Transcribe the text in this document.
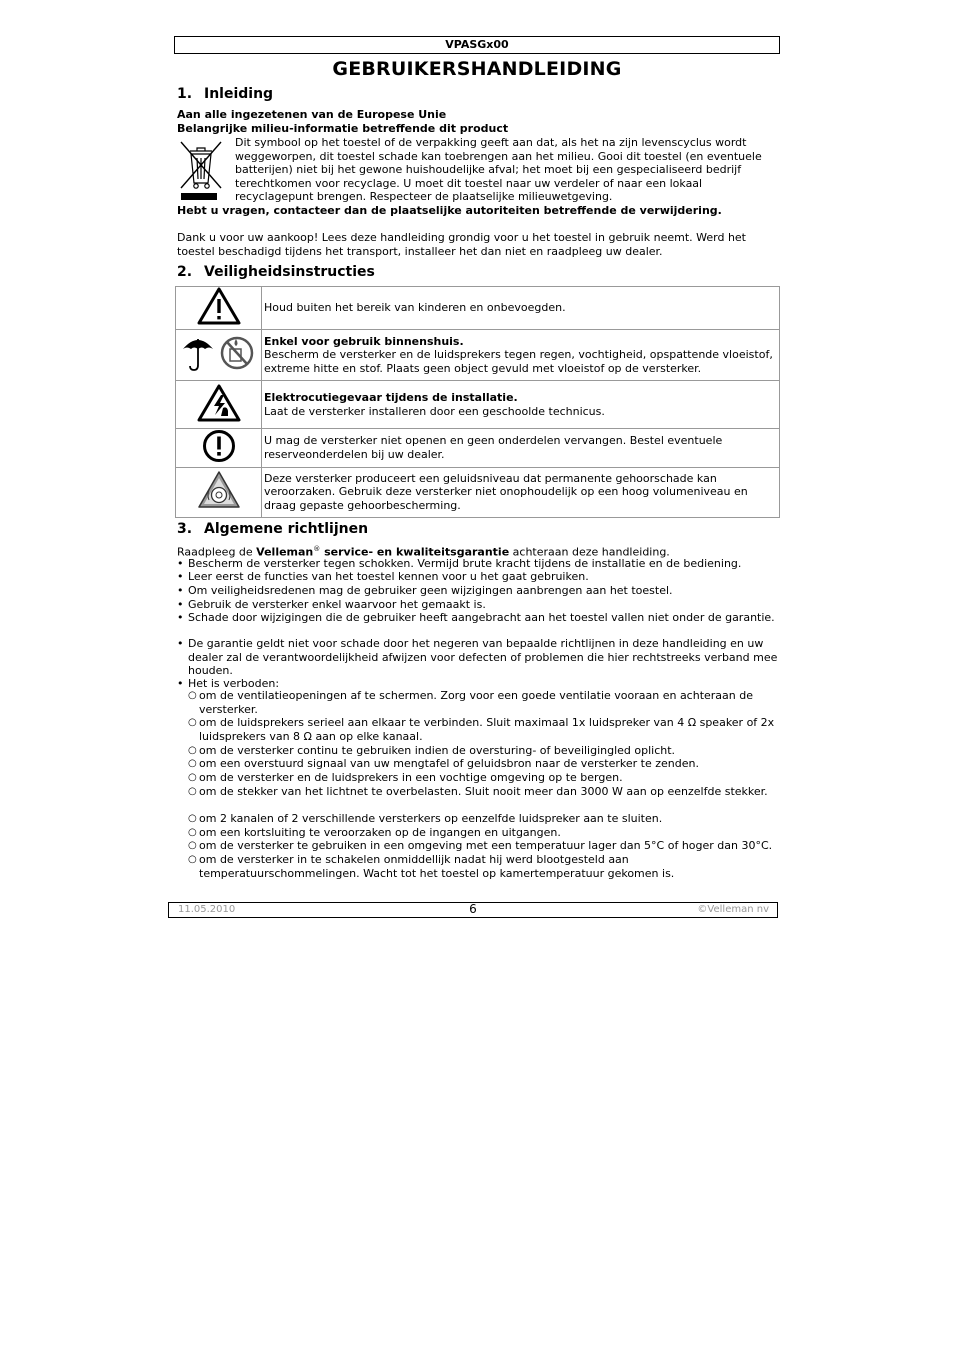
VPASGx00
GEBRUIKERSHANDLEIDING
1. Inleiding
Aan alle ingezetenen van de Europese Unie
Belangrijke milieu-informatie betreffende dit product
Dit symbool op het toestel of de verpakking geeft aan dat, als het na zijn levenscyclus wordt weggeworpen, dit toestel schade kan toebrengen aan het milieu. Gooi dit toestel (en eventuele batterijen) niet bij het gewone huishoudelijke afval; het moet bij een gespecialiseerd bedrijf terechtkomen voor recyclage. U moet dit toestel naar uw verdeler of naar een lokaal recyclagepunt brengen. Respecteer de plaatselijke milieuwetgeving.
Hebt u vragen, contacteer dan de plaatselijke autoriteiten betreffende de verwijdering.
Dank u voor uw aankoop! Lees deze handleiding grondig voor u het toestel in gebruik neemt. Werd het
toestel beschadigd tijdens het transport, installeer het dan niet en raadpleeg uw dealer.
2. Veiligheidsinstructies
	Houd buiten het bereik van kinderen en onbevoegden.

Enkel voor gebruik binnenshuis.
Bescherm de versterker en de luidsprekers tegen regen, vochtigheid, opspattende vloeistof, extreme hitte en stof. Plaats geen object gevuld met vloeistof op de versterker.

Elektrocutiegevaar tijdens de installatie.
Laat de versterker installeren door een geschoolde technicus.

	U mag de versterker niet openen en geen onderdelen vervangen. Bestel eventuele reserveonderdelen bij uw dealer.
	Deze versterker produceert een geluidsniveau dat permanente gehoorschade kan veroorzaken. Gebruik deze versterker niet onophoudelijk op een hoog volumeniveau en draag gepaste gehoorbescherming.
3. Algemene richtlijnen
Raadpleeg de Velleman® service- en kwaliteitsgarantie achteraan deze handleiding.
• Bescherm de versterker tegen schokken. Vermijd brute kracht tijdens de installatie en de bediening.
• Leer eerst de functies van het toestel kennen voor u het gaat gebruiken.
• Om veiligheidsredenen mag de gebruiker geen wijzigingen aanbrengen aan het toestel.
• Gebruik de versterker enkel waarvoor het gemaakt is.
• Schade door wijzigingen die de gebruiker heeft aangebracht aan het toestel vallen niet onder de garantie.
• De garantie geldt niet voor schade door het negeren van bepaalde richtlijnen in deze handleiding en uw dealer zal de verantwoordelijkheid afwijzen voor defecten of problemen die hier rechtstreeks verband mee houden.
• Het is verboden:
○ om de ventilatieopeningen af te schermen. Zorg voor een goede ventilatie vooraan en achteraan de versterker.
○ om de luidsprekers serieel aan elkaar te verbinden. Sluit maximaal 1x luidspreker van 4 Ω speaker of 2x luidsprekers van 8 Ω aan op elke kanaal.
○ om de versterker continu te gebruiken indien de oversturing- of beveiligingled oplicht.
○ om een overstuurd signaal van uw mengtafel of geluidsbron naar de versterker te zenden.
○ om de versterker en de luidsprekers in een vochtige omgeving op te bergen.
○ om de stekker van het lichtnet te overbelasten. Sluit nooit meer dan 3000 W aan op eenzelfde stekker.
○ om 2 kanalen of 2 verschillende versterkers op eenzelfde luidspreker aan te sluiten.
○ om een kortsluiting te veroorzaken op de ingangen en uitgangen.
○ om de versterker te gebruiken in een omgeving met een temperatuur lager dan 5°C of hoger dan 30°C.
○ om de versterker in te schakelen onmiddellijk nadat hij werd blootgesteld aan temperatuurschommelingen. Wacht tot het toestel op kamertemperatuur gekomen is.
11.05.2010	6	©Velleman nv
